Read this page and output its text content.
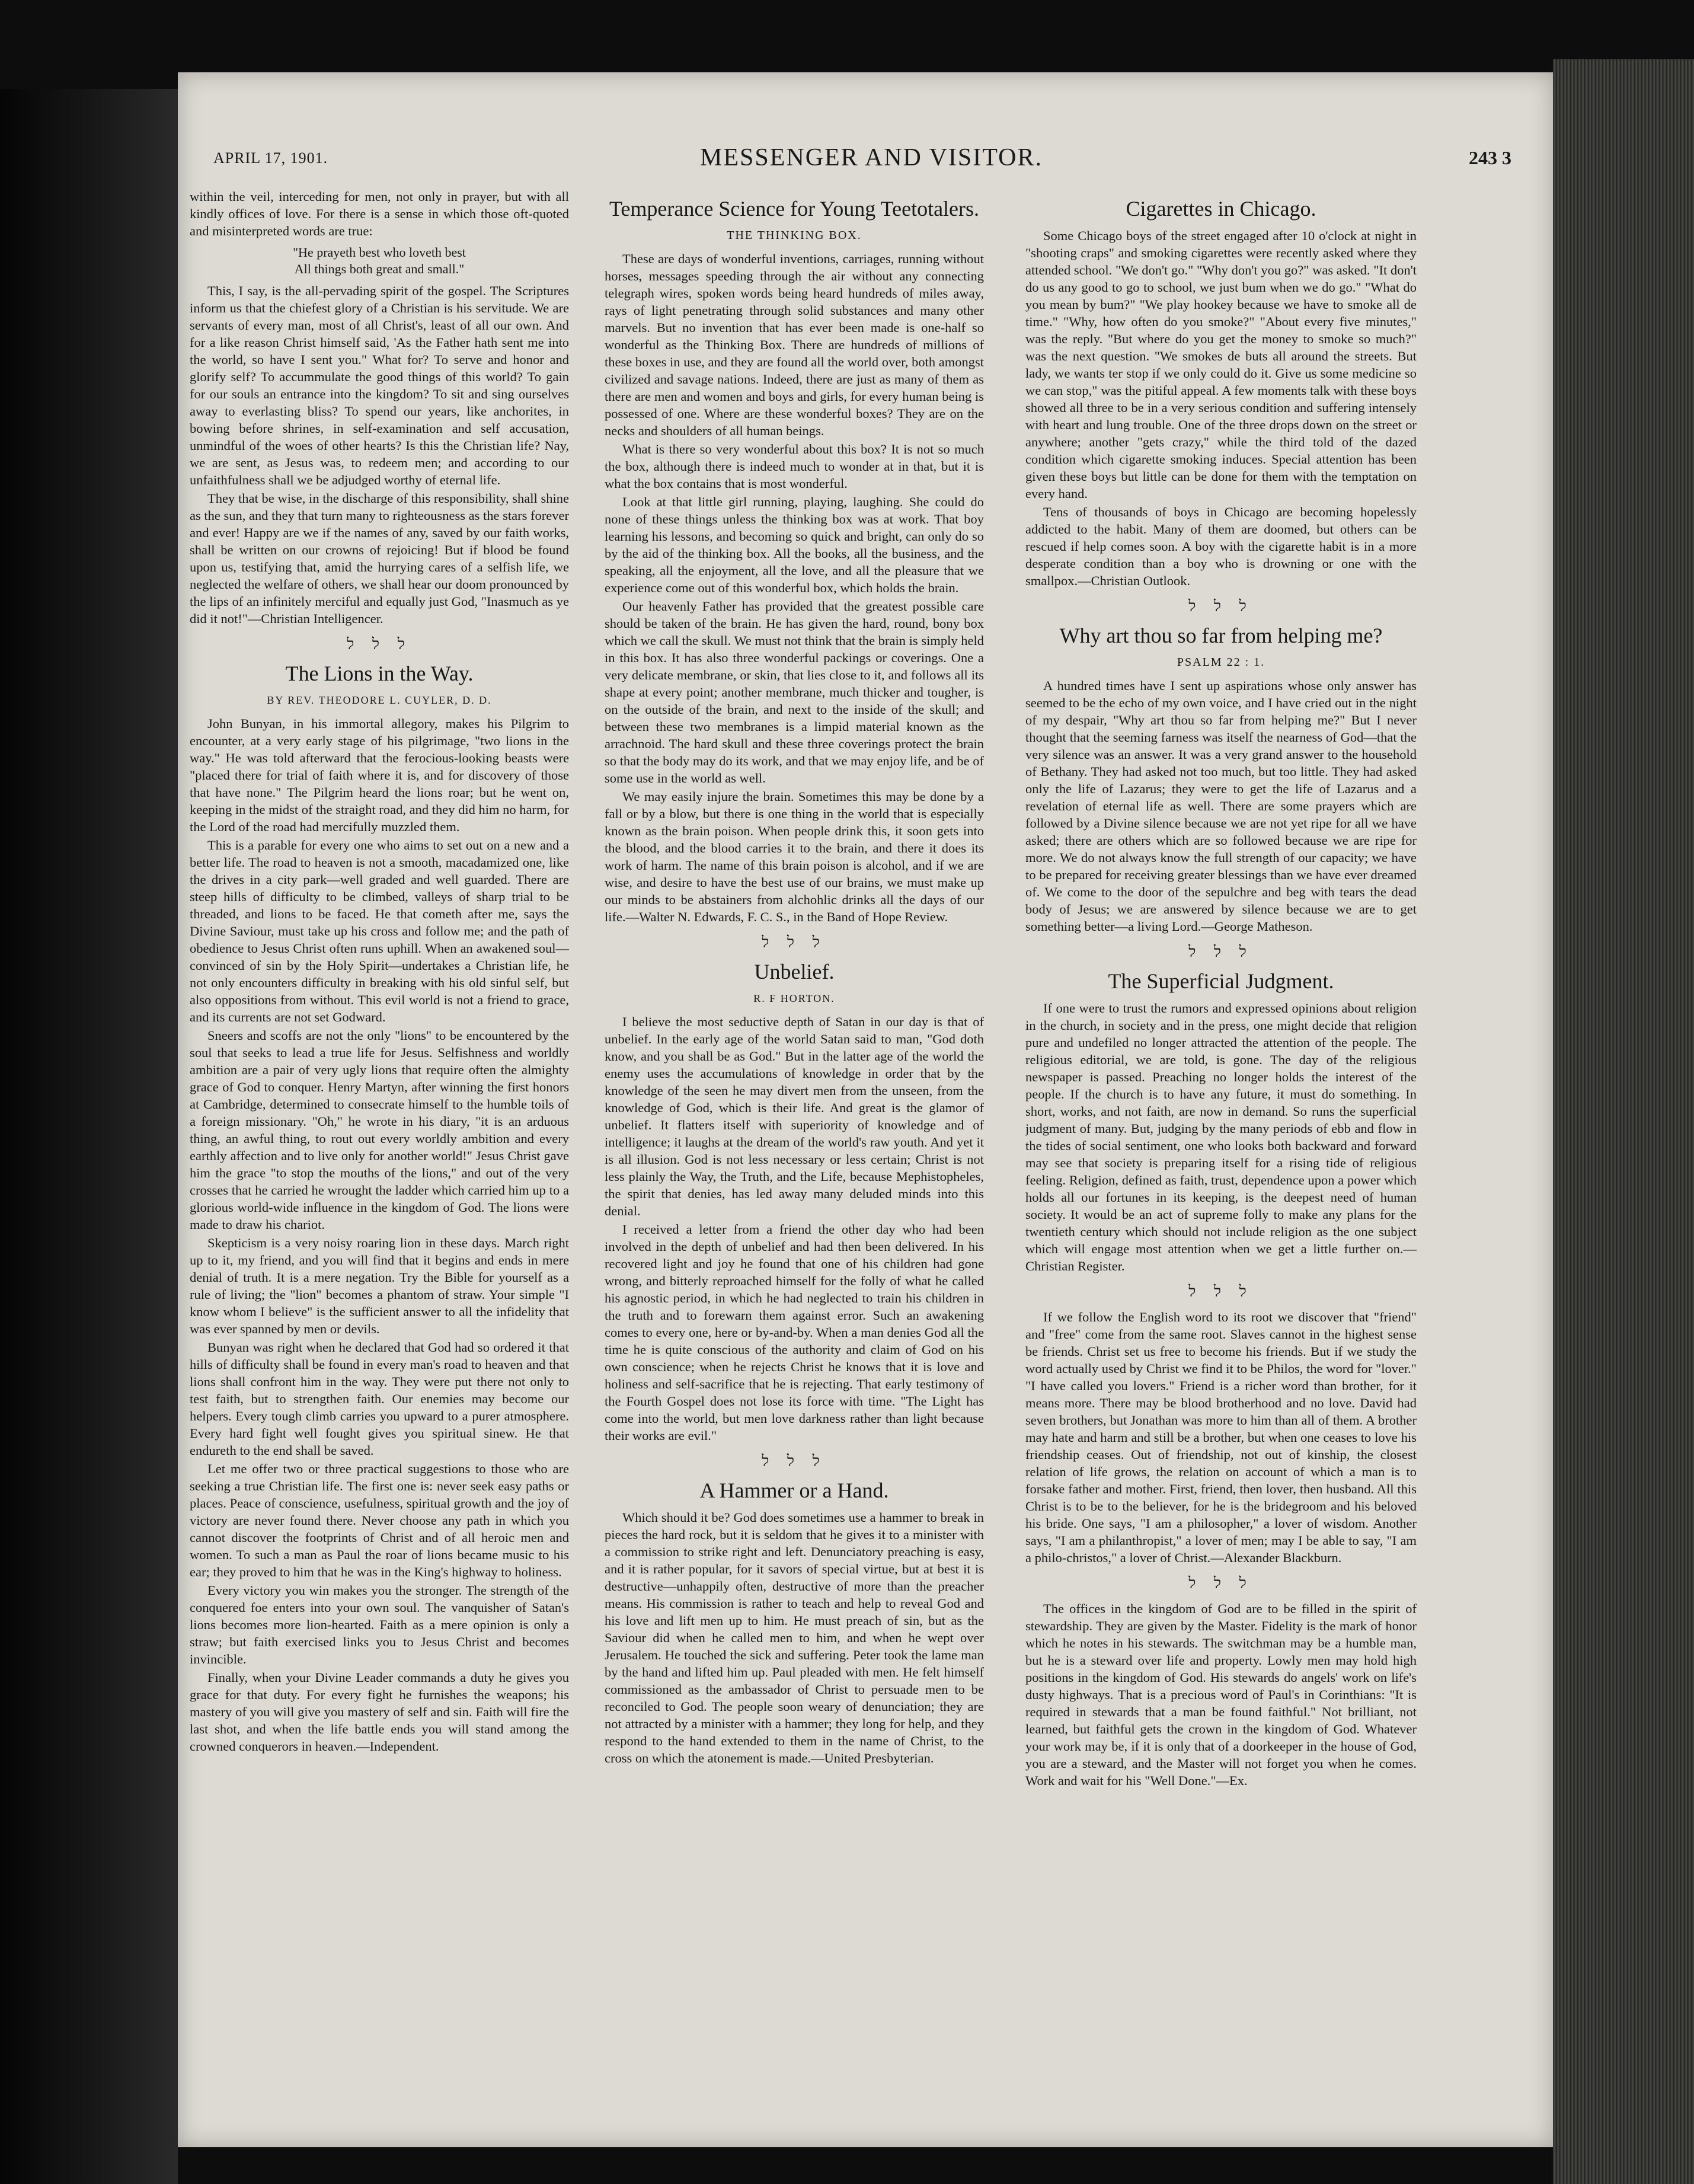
APRIL 17, 1901.	MESSENGER AND VISITOR.	243 3

within the veil, interceding for men, not only in prayer, but with all kindly offices of love. For there is a sense in which those oft-quoted and misinterpreted words are true:

"He prayeth best who loveth best
All things both great and small."

This, I say, is the all-pervading spirit of the gospel. The Scriptures inform us that the chiefest glory of a Christian is his servitude. We are servants of every man, most of all Christ's, least of all our own. And for a like reason Christ himself said, 'As the Father hath sent me into the world, so have I sent you." What for? To serve and honor and glorify self? To accummulate the good things of this world? To gain for our souls an entrance into the kingdom? To sit and sing ourselves away to everlasting bliss? To spend our years, like anchorites, in bowing before shrines, in self-examination and self accusation, unmindful of the woes of other hearts? Is this the Christian life? Nay, we are sent, as Jesus was, to redeem men; and according to our unfaithfulness shall we be adjudged worthy of eternal life.

They that be wise, in the discharge of this responsibility, shall shine as the sun, and they that turn many to righteousness as the stars forever and ever! Happy are we if the names of any, saved by our faith works, shall be written on our crowns of rejoicing! But if blood be found upon us, testifying that, amid the hurrying cares of a selfish life, we neglected the welfare of others, we shall hear our doom pronounced by the lips of an infinitely merciful and equally just God, "Inasmuch as ye did it not!"—Christian Intelligencer.

ﬥ ﬥ ﬥ
The Lions in the Way.
BY REV. THEODORE L. CUYLER, D. D.

John Bunyan, in his immortal allegory, makes his Pilgrim to encounter, at a very early stage of his pilgrimage, "two lions in the way." He was told afterward that the ferocious-looking beasts were "placed there for trial of faith where it is, and for discovery of those that have none." The Pilgrim heard the lions roar; but he went on, keeping in the midst of the straight road, and they did him no harm, for the Lord of the road had mercifully muzzled them.

This is a parable for every one who aims to set out on a new and a better life. The road to heaven is not a smooth, macadamized one, like the drives in a city park—well graded and well guarded. There are steep hills of difficulty to be climbed, valleys of sharp trial to be threaded, and lions to be faced. He that cometh after me, says the Divine Saviour, must take up his cross and follow me; and the path of obedience to Jesus Christ often runs uphill. When an awakened soul—convinced of sin by the Holy Spirit—undertakes a Christian life, he not only encounters difficulty in breaking with his old sinful self, but also oppositions from without. This evil world is not a friend to grace, and its currents are not set Godward.

Sneers and scoffs are not the only "lions" to be encountered by the soul that seeks to lead a true life for Jesus. Selfishness and worldly ambition are a pair of very ugly lions that require often the almighty grace of God to conquer. Henry Martyn, after winning the first honors at Cambridge, determined to consecrate himself to the humble toils of a foreign missionary. "Oh," he wrote in his diary, "it is an arduous thing, an awful thing, to rout out every worldly ambition and every earthly affection and to live only for another world!" Jesus Christ gave him the grace "to stop the mouths of the lions," and out of the very crosses that he carried he wrought the ladder which carried him up to a glorious world-wide influence in the kingdom of God. The lions were made to draw his chariot.

Skepticism is a very noisy roaring lion in these days. March right up to it, my friend, and you will find that it begins and ends in mere denial of truth. It is a mere negation. Try the Bible for yourself as a rule of living; the "lion" becomes a phantom of straw. Your simple "I know whom I believe" is the sufficient answer to all the infidelity that was ever spanned by men or devils.

Bunyan was right when he declared that God had so ordered it that hills of difficulty shall be found in every man's road to heaven and that lions shall confront him in the way. They were put there not only to test faith, but to strengthen faith. Our enemies may become our helpers. Every tough climb carries you upward to a purer atmosphere. Every hard fight well fought gives you spiritual sinew. He that endureth to the end shall be saved.

Let me offer two or three practical suggestions to those who are seeking a true Christian life. The first one is: never seek easy paths or places. Peace of conscience, usefulness, spiritual growth and the joy of victory are never found there. Never choose any path in which you cannot discover the footprints of Christ and of all heroic men and women. To such a man as Paul the roar of lions became music to his ear; they proved to him that he was in the King's highway to holiness.

Every victory you win makes you the stronger. The strength of the conquered foe enters into your own soul. The vanquisher of Satan's lions becomes more lion-hearted. Faith as a mere opinion is only a straw; but faith exercised links you to Jesus Christ and becomes invincible.

Finally, when your Divine Leader commands a duty he gives you grace for that duty. For every fight he furnishes the weapons; his mastery of you will give you mastery of self and sin. Faith will fire the last shot, and when the life battle ends you will stand among the crowned conquerors in heaven.—Independent.

Temperance Science for Young Teetotalers.
THE THINKING BOX.

These are days of wonderful inventions, carriages, running without horses, messages speeding through the air without any connecting telegraph wires, spoken words being heard hundreds of miles away, rays of light penetrating through solid substances and many other marvels. But no invention that has ever been made is one-half so wonderful as the Thinking Box. There are hundreds of millions of these boxes in use, and they are found all the world over, both amongst civilized and savage nations. Indeed, there are just as many of them as there are men and women and boys and girls, for every human being is possessed of one. Where are these wonderful boxes? They are on the necks and shoulders of all human beings.

What is there so very wonderful about this box? It is not so much the box, although there is indeed much to wonder at in that, but it is what the box contains that is most wonderful.

Look at that little girl running, playing, laughing. She could do none of these things unless the thinking box was at work. That boy learning his lessons, and becoming so quick and bright, can only do so by the aid of the thinking box. All the books, all the business, and the speaking, all the enjoyment, all the love, and all the pleasure that we experience come out of this wonderful box, which holds the brain.

Our heavenly Father has provided that the greatest possible care should be taken of the brain. He has given the hard, round, bony box which we call the skull. We must not think that the brain is simply held in this box. It has also three wonderful packings or coverings. One a very delicate membrane, or skin, that lies close to it, and follows all its shape at every point; another membrane, much thicker and tougher, is on the outside of the brain, and next to the inside of the skull; and between these two membranes is a limpid material known as the arrachnoid. The hard skull and these three coverings protect the brain so that the body may do its work, and that we may enjoy life, and be of some use in the world as well.

We may easily injure the brain. Sometimes this may be done by a fall or by a blow, but there is one thing in the world that is especially known as the brain poison. When people drink this, it soon gets into the blood, and the blood carries it to the brain, and there it does its work of harm. The name of this brain poison is alcohol, and if we are wise, and desire to have the best use of our brains, we must make up our minds to be abstainers from alchohlic drinks all the days of our life.—Walter N. Edwards, F. C. S., in the Band of Hope Review.

ﬥ ﬥ ﬥ
Unbelief.
R. F HORTON.

I believe the most seductive depth of Satan in our day is that of unbelief. In the early age of the world Satan said to man, "God doth know, and you shall be as God." But in the latter age of the world the enemy uses the accumulations of knowledge in order that by the knowledge of the seen he may divert men from the unseen, from the knowledge of God, which is their life. And great is the glamor of unbelief. It flatters itself with superiority of knowledge and of intelligence; it laughs at the dream of the world's raw youth. And yet it is all illusion. God is not less necessary or less certain; Christ is not less plainly the Way, the Truth, and the Life, because Mephistopheles, the spirit that denies, has led away many deluded minds into this denial.

I received a letter from a friend the other day who had been involved in the depth of unbelief and had then been delivered. In his recovered light and joy he found that one of his children had gone wrong, and bitterly reproached himself for the folly of what he called his agnostic period, in which he had neglected to train his children in the truth and to forewarn them against error. Such an awakening comes to every one, here or by-and-by. When a man denies God all the time he is quite conscious of the authority and claim of God on his own conscience; when he rejects Christ he knows that it is love and holiness and self-sacrifice that he is rejecting. That early testimony of the Fourth Gospel does not lose its force with time. "The Light has come into the world, but men love darkness rather than light because their works are evil."

ﬥ ﬥ ﬥ
A Hammer or a Hand.

Which should it be? God does sometimes use a hammer to break in pieces the hard rock, but it is seldom that he gives it to a minister with a commission to strike right and left. Denunciatory preaching is easy, and it is rather popular, for it savors of special virtue, but at best it is destructive—unhappily often, destructive of more than the preacher means. His commission is rather to teach and help to reveal God and his love and lift men up to him. He must preach of sin, but as the Saviour did when he called men to him, and when he wept over Jerusalem. He touched the sick and suffering. Peter took the lame man by the hand and lifted him up. Paul pleaded with men. He felt himself commissioned as the ambassador of Christ to persuade men to be reconciled to God. The people soon weary of denunciation; they are not attracted by a minister with a hammer; they long for help, and they respond to the hand extended to them in the name of Christ, to the cross on which the atonement is made.—United Presbyterian.

Cigarettes in Chicago.

Some Chicago boys of the street engaged after 10 o'clock at night in "shooting craps" and smoking cigarettes were recently asked where they attended school. "We don't go." "Why don't you go?" was asked. "It don't do us any good to go to school, we just bum when we do go." "What do you mean by bum?" "We play hookey because we have to smoke all de time." "Why, how often do you smoke?" "About every five minutes," was the reply. "But where do you get the money to smoke so much?" was the next question. "We smokes de buts all around the streets. But lady, we wants ter stop if we only could do it. Give us some medicine so we can stop," was the pitiful appeal. A few moments talk with these boys showed all three to be in a very serious condition and suffering intensely with heart and lung trouble. One of the three drops down on the street or anywhere; another "gets crazy," while the third told of the dazed condition which cigarette smoking induces. Special attention has been given these boys but little can be done for them with the temptation on every hand.

Tens of thousands of boys in Chicago are becoming hopelessly addicted to the habit. Many of them are doomed, but others can be rescued if help comes soon. A boy with the cigarette habit is in a more desperate condition than a boy who is drowning or one with the smallpox.—Christian Outlook.

ﬥ ﬥ ﬥ
Why art thou so far from helping me?
PSALM 22 : 1.

A hundred times have I sent up aspirations whose only answer has seemed to be the echo of my own voice, and I have cried out in the night of my despair, "Why art thou so far from helping me?" But I never thought that the seeming farness was itself the nearness of God—that the very silence was an answer. It was a very grand answer to the household of Bethany. They had asked not too much, but too little. They had asked only the life of Lazarus; they were to get the life of Lazarus and a revelation of eternal life as well. There are some prayers which are followed by a Divine silence because we are not yet ripe for all we have asked; there are others which are so followed because we are ripe for more. We do not always know the full strength of our capacity; we have to be prepared for receiving greater blessings than we have ever dreamed of. We come to the door of the sepulchre and beg with tears the dead body of Jesus; we are answered by silence because we are to get something better—a living Lord.—George Matheson.

ﬥ ﬥ ﬥ
The Superficial Judgment.

If one were to trust the rumors and expressed opinions about religion in the church, in society and in the press, one might decide that religion pure and undefiled no longer attracted the attention of the people. The religious editorial, we are told, is gone. The day of the religious newspaper is passed. Preaching no longer holds the interest of the people. If the church is to have any future, it must do something. In short, works, and not faith, are now in demand. So runs the superficial judgment of many. But, judging by the many periods of ebb and flow in the tides of social sentiment, one who looks both backward and forward may see that society is preparing itself for a rising tide of religious feeling. Religion, defined as faith, trust, dependence upon a power which holds all our fortunes in its keeping, is the deepest need of human society. It would be an act of supreme folly to make any plans for the twentieth century which should not include religion as the one subject which will engage most attention when we get a little further on.—Christian Register.

ﬥ ﬥ ﬥ

If we follow the English word to its root we discover that "friend" and "free" come from the same root. Slaves cannot in the highest sense be friends. Christ set us free to become his friends. But if we study the word actually used by Christ we find it to be Philos, the word for "lover." "I have called you lovers." Friend is a richer word than brother, for it means more. There may be blood brotherhood and no love. David had seven brothers, but Jonathan was more to him than all of them. A brother may hate and harm and still be a brother, but when one ceases to love his friendship ceases. Out of friendship, not out of kinship, the closest relation of life grows, the relation on account of which a man is to forsake father and mother. First, friend, then lover, then husband. All this Christ is to be to the believer, for he is the bridegroom and his beloved his bride. One says, "I am a philosopher," a lover of wisdom. Another says, "I am a philanthropist," a lover of men; may I be able to say, "I am a philo-christos," a lover of Christ.—Alexander Blackburn.

ﬥ ﬥ ﬥ

The offices in the kingdom of God are to be filled in the spirit of stewardship. They are given by the Master. Fidelity is the mark of honor which he notes in his stewards. The switchman may be a humble man, but he is a steward over life and property. Lowly men may hold high positions in the kingdom of God. His stewards do angels' work on life's dusty highways. That is a precious word of Paul's in Corinthians: "It is required in stewards that a man be found faithful." Not brilliant, not learned, but faithful gets the crown in the kingdom of God. Whatever your work may be, if it is only that of a doorkeeper in the house of God, you are a steward, and the Master will not forget you when he comes. Work and wait for his "Well Done."—Ex.
